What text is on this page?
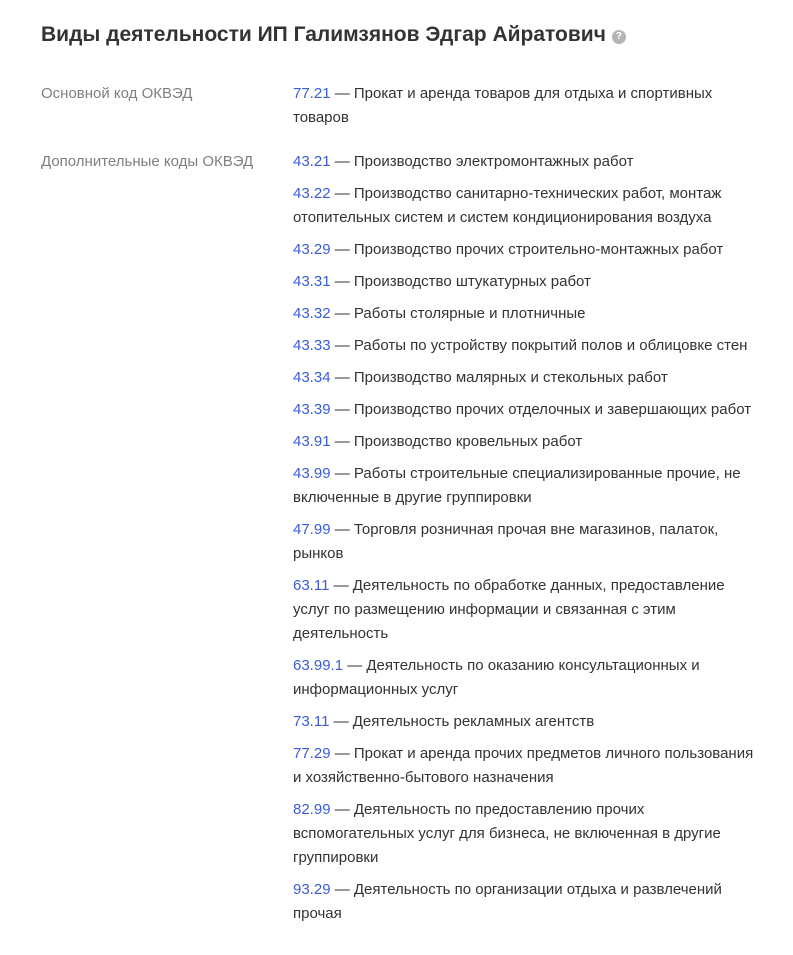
Виды деятельности ИП Галимзянов Эдгар Айратович ?
Основной код ОКВЭД	77.21 — Прокат и аренда товаров для отдыха и спортивных товаров
Дополнительные коды ОКВЭД	43.21 — Производство электромонтажных работ
43.22 — Производство санитарно-технических работ, монтаж отопительных систем и систем кондиционирования воздуха
43.29 — Производство прочих строительно-монтажных работ
43.31 — Производство штукатурных работ
43.32 — Работы столярные и плотничные
43.33 — Работы по устройству покрытий полов и облицовке стен
43.34 — Производство малярных и стекольных работ
43.39 — Производство прочих отделочных и завершающих работ
43.91 — Производство кровельных работ
43.99 — Работы строительные специализированные прочие, не включенные в другие группировки
47.99 — Торговля розничная прочая вне магазинов, палаток, рынков
63.11 — Деятельность по обработке данных, предоставление услуг по размещению информации и связанная с этим деятельность
63.99.1 — Деятельность по оказанию консультационных и информационных услуг
73.11 — Деятельность рекламных агентств
77.29 — Прокат и аренда прочих предметов личного пользования и хозяйственно-бытового назначения
82.99 — Деятельность по предоставлению прочих вспомогательных услуг для бизнеса, не включенная в другие группировки
93.29 — Деятельность по организации отдыха и развлечений прочая
